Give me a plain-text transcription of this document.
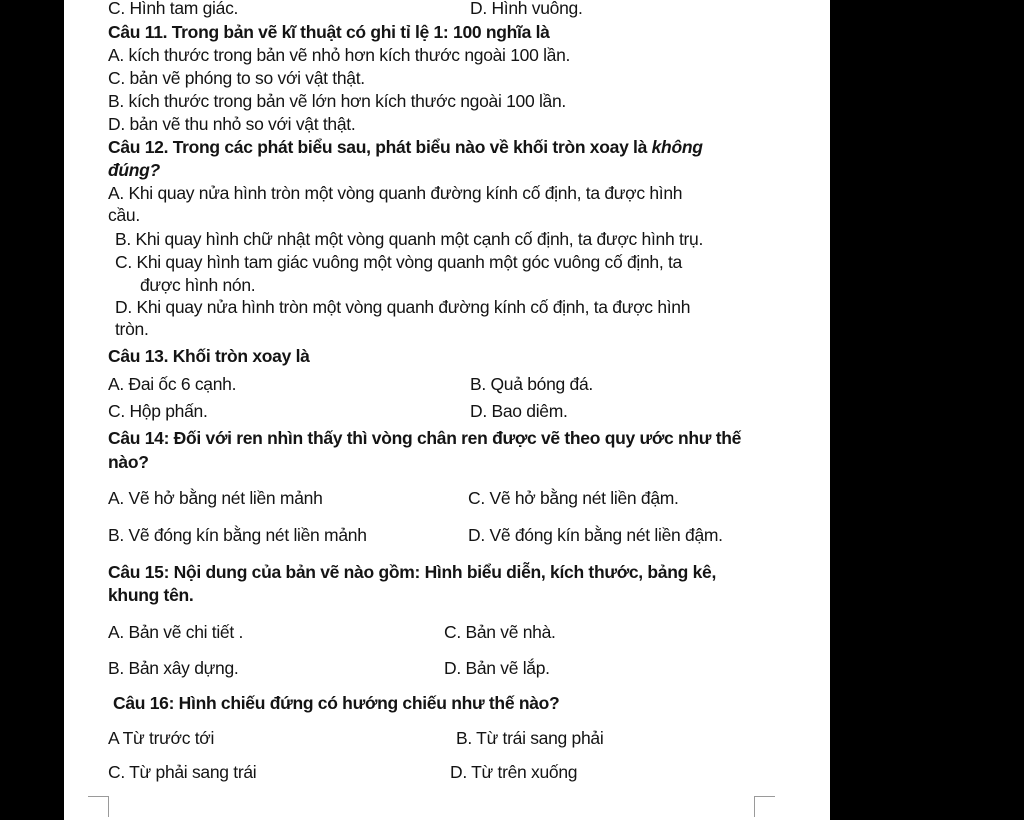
C. Hình tam giác.	D. Hình vuông.
Câu 11. Trong bản vẽ kĩ thuật có ghi tỉ lệ 1: 100 nghĩa là
A. kích thước trong bản vẽ nhỏ hơn kích thước ngoài 100 lần.
C. bản vẽ phóng to so với vật thật.
B. kích thước trong bản vẽ lớn hơn kích thước ngoài 100 lần.
D. bản vẽ thu nhỏ so với vật thật.
Câu 12. Trong các phát biểu sau, phát biểu nào về khối tròn xoay là không
đúng?
A. Khi quay nửa hình tròn một vòng quanh đường kính cố định, ta được hình
cầu.
B. Khi quay hình chữ nhật một vòng quanh một cạnh cố định, ta được hình trụ.
C. Khi quay hình tam giác vuông một vòng quanh một góc vuông cố định, ta
được hình nón.
D. Khi quay nửa hình tròn một vòng quanh đường kính cố định, ta được hình
tròn.
Câu 13. Khối tròn xoay là
A. Đai ốc 6 cạnh.	B. Quả bóng đá.
C. Hộp phấn.	D. Bao diêm.
Câu 14: Đối với ren nhìn thấy thì vòng chân ren được vẽ theo quy ước như thế
nào?
A. Vẽ hở bằng nét liền mảnh	C. Vẽ hở bằng nét liền đậm.
B. Vẽ đóng kín bằng nét liền mảnh	D. Vẽ đóng kín bằng nét liền đậm.
Câu 15: Nội dung của bản vẽ nào gồm: Hình biểu diễn, kích thước, bảng kê,
khung tên.
A. Bản vẽ chi tiết .	C. Bản vẽ nhà.
B. Bản xây dựng.	D. Bản vẽ lắp.
Câu 16: Hình chiếu đứng có hướng chiếu như thế nào?
A Từ trước tới	B. Từ trái sang phải
C. Từ phải sang trái	D. Từ trên xuống
